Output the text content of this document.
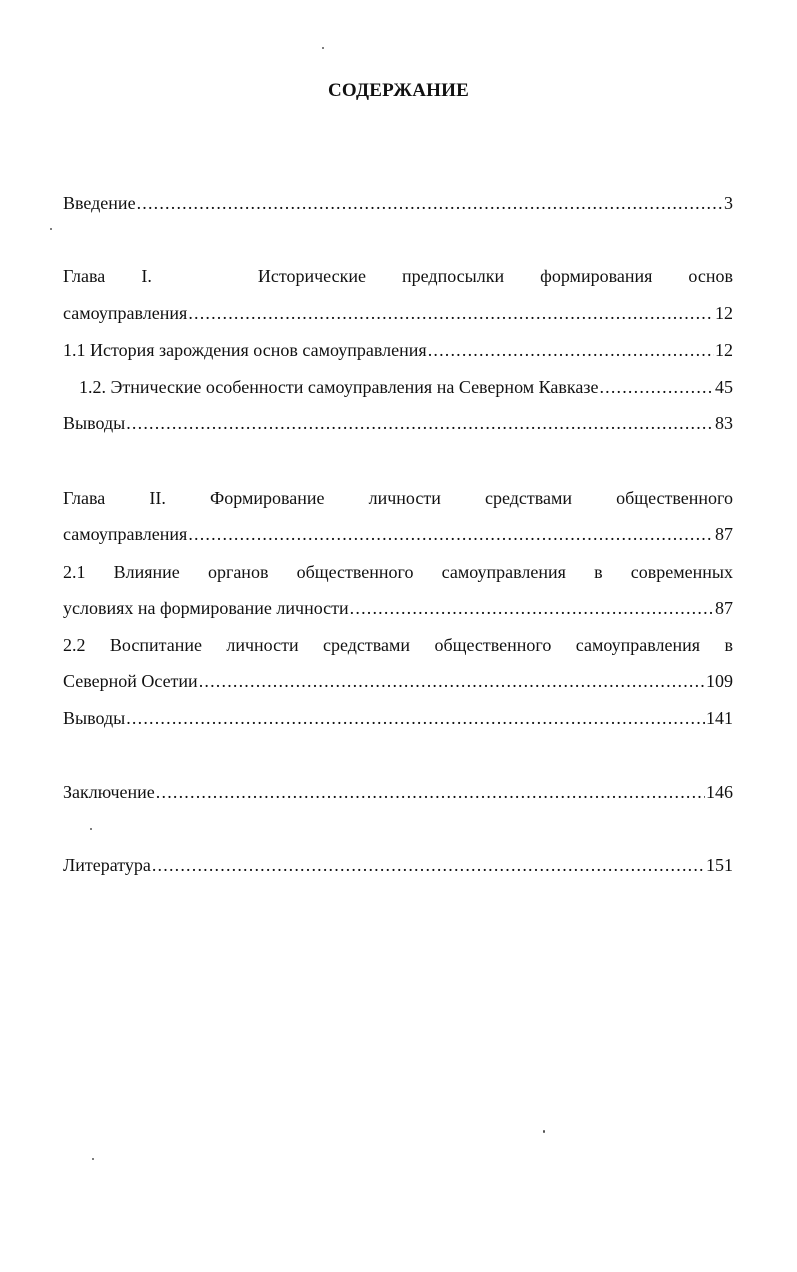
СОДЕРЖАНИЕ
Введение .....	3
Глава I.	Исторические предпосылки формирования основ
самоуправления .....	12
1.1 История зарождения основ самоуправления .....	12
1.2. Этнические особенности самоуправления на Северном Кавказе .....	45
Выводы .....	83
Глава II. Формирование личности средствами общественного
самоуправления .....	87
2.1 Влияние органов общественного самоуправления в современных
условиях на формирование личности .....	87
2.2 Воспитание личности средствами общественного самоуправления в
Северной Осетии .....	109
Выводы .....	141
Заключение .....	146
Литература .....	151
